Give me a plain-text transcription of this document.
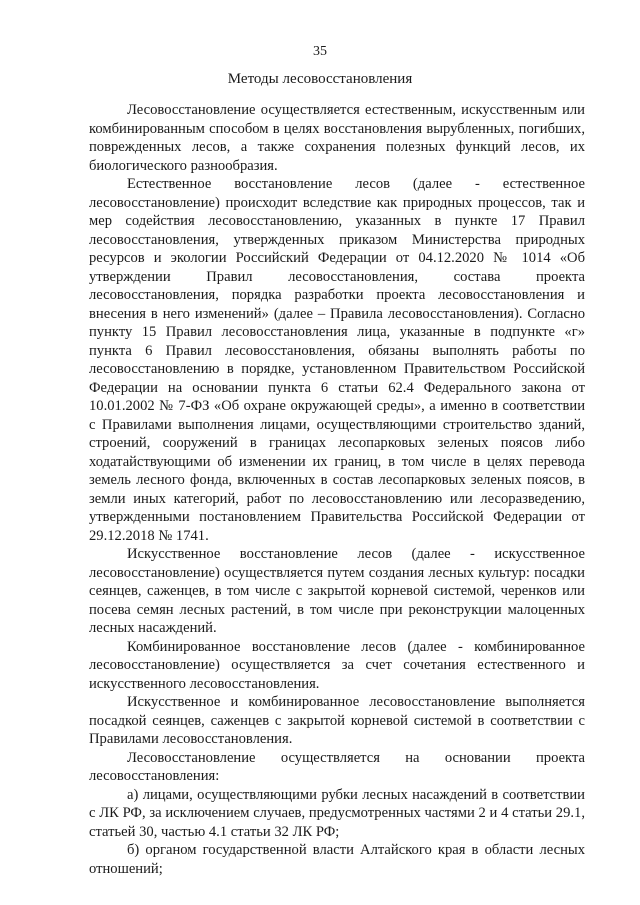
35
Методы лесовосстановления

Лесовосстановление осуществляется естественным, искусственным или комбинированным способом в целях восстановления вырубленных, погибших, поврежденных лесов, а также сохранения полезных функций лесов, их биологического разнообразия.

Естественное восстановление лесов (далее - естественное лесовосстановление) происходит вследствие как природных процессов, так и мер содействия лесовосстановлению, указанных в пункте 17 Правил лесовосстановления, утвержденных приказом Министерства природных ресурсов и экологии Российский Федерации от 04.12.2020 № 1014 «Об утверждении Правил лесовосстановления, состава проекта лесовосстановления, порядка разработки проекта лесовосстановления и внесения в него изменений» (далее – Правила лесовосстановления). Согласно пункту 15 Правил лесовосстановления лица, указанные в подпункте «г» пункта 6 Правил лесовосстановления, обязаны выполнять работы по лесовосстановлению в порядке, установленном Правительством Российской Федерации на основании пункта 6 статьи 62.4 Федерального закона от 10.01.2002 № 7-ФЗ «Об охране окружающей среды», а именно в соответствии с Правилами выполнения лицами, осуществляющими строительство зданий, строений, сооружений в границах лесопарковых зеленых поясов либо ходатайствующими об изменении их границ, в том числе в целях перевода земель лесного фонда, включенных в состав лесопарковых зеленых поясов, в земли иных категорий, работ по лесовосстановлению или лесоразведению, утвержденными постановлением Правительства Российской Федерации от 29.12.2018 № 1741.

Искусственное восстановление лесов (далее - искусственное лесовосстановление) осуществляется путем создания лесных культур: посадки сеянцев, саженцев, в том числе с закрытой корневой системой, черенков или посева семян лесных растений, в том числе при реконструкции малоценных лесных насаждений.

Комбинированное восстановление лесов (далее - комбинированное лесовосстановление) осуществляется за счет сочетания естественного и искусственного лесовосстановления.

Искусственное и комбинированное лесовосстановление выполняется посадкой сеянцев, саженцев с закрытой корневой системой в соответствии с Правилами лесовосстановления.

Лесовосстановление осуществляется на основании проекта лесовосстановления:

а) лицами, осуществляющими рубки лесных насаждений в соответствии с ЛК РФ, за исключением случаев, предусмотренных частями 2 и 4 статьи 29.1, статьей 30, частью 4.1 статьи 32 ЛК РФ;

б) органом государственной власти Алтайского края в области лесных отношений;
